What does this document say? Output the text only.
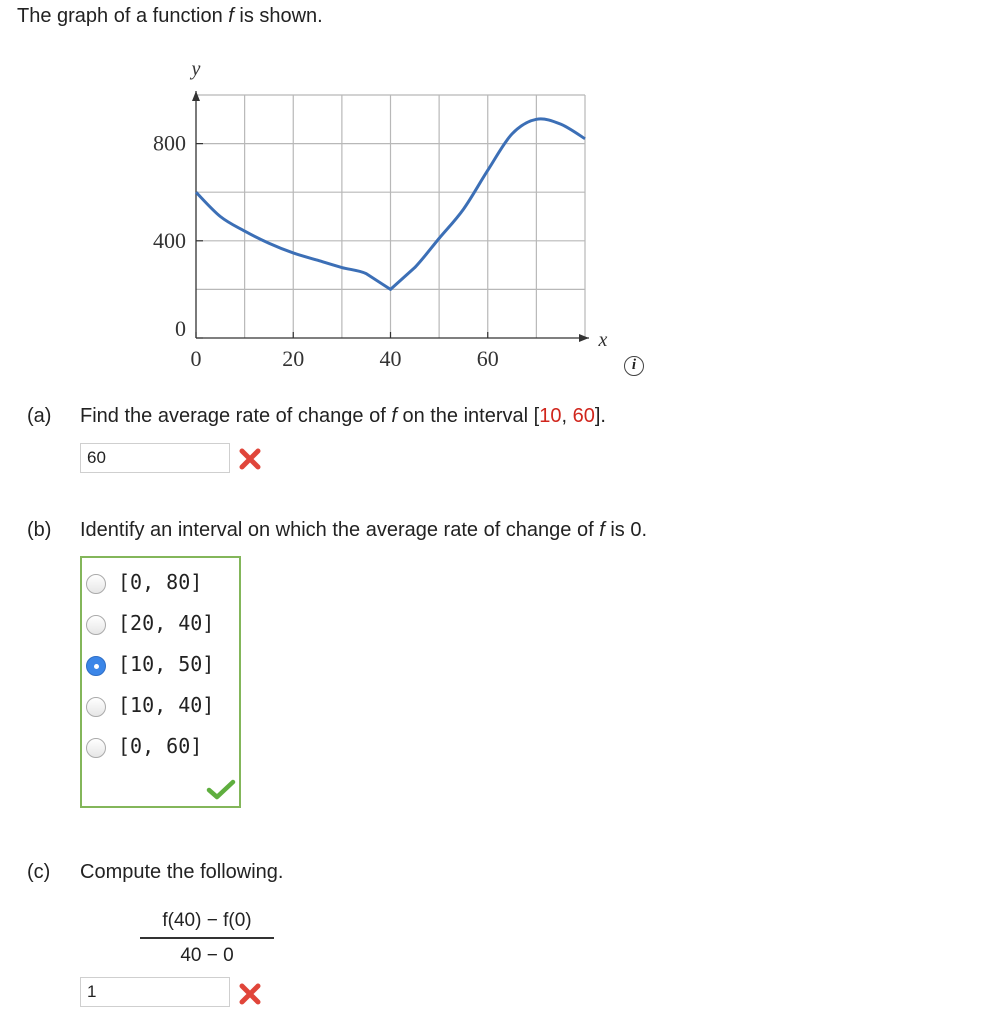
The graph of a function f is shown.
0	20	40	60
0
400
800
y
x
i
(a) Find the average rate of change of f on the interval [10, 60].
60
(b) Identify an interval on which the average rate of change of f is 0.
[0, 80]
[20, 40]
[10, 50]
[10, 40]
[0, 60]
(c) Compute the following.
f(40) − f(0)
40 − 0
1
